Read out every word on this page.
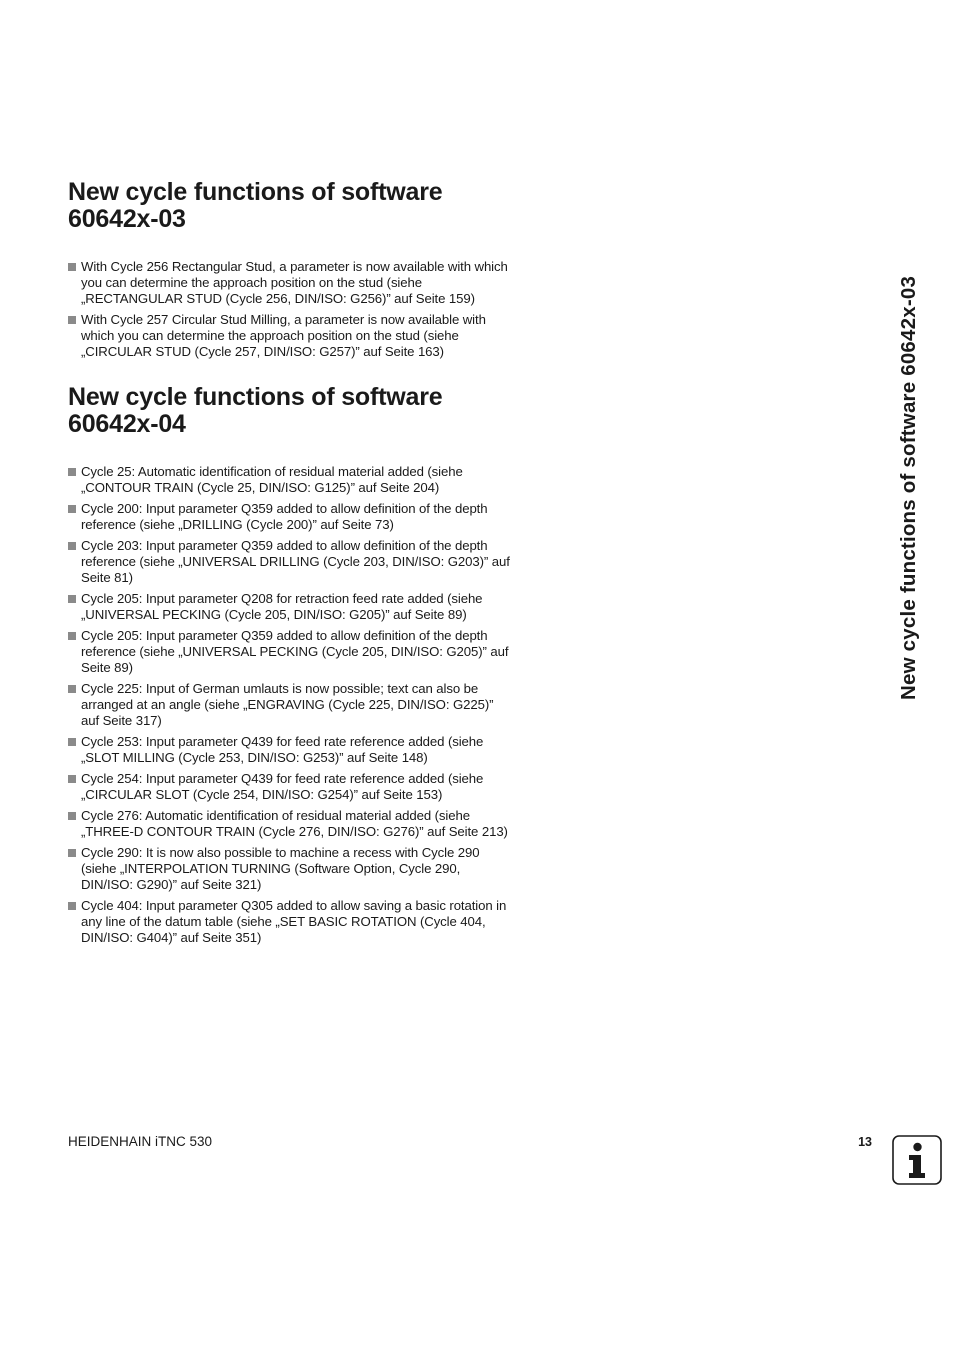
New cycle functions of software 60642x-03
With Cycle 256 Rectangular Stud, a parameter is now available with which you can determine the approach position on the stud (siehe „RECTANGULAR STUD (Cycle 256, DIN/ISO: G256)” auf Seite 159)
With Cycle 257 Circular Stud Milling, a parameter is now available with which you can determine the approach position on the stud (siehe „CIRCULAR STUD (Cycle 257, DIN/ISO: G257)” auf Seite 163)
New cycle functions of software 60642x-04
Cycle 25: Automatic identification of residual material added (siehe „CONTOUR TRAIN (Cycle 25, DIN/ISO: G125)” auf Seite 204)
Cycle 200: Input parameter Q359 added to allow definition of the depth reference (siehe „DRILLING (Cycle 200)” auf Seite 73)
Cycle 203: Input parameter Q359 added to allow definition of the depth reference (siehe „UNIVERSAL DRILLING (Cycle 203, DIN/ISO: G203)” auf Seite 81)
Cycle 205: Input parameter Q208 for retraction feed rate added (siehe „UNIVERSAL PECKING (Cycle 205, DIN/ISO: G205)” auf Seite 89)
Cycle 205: Input parameter Q359 added to allow definition of the depth reference (siehe „UNIVERSAL PECKING (Cycle 205, DIN/ISO: G205)” auf Seite 89)
Cycle 225: Input of German umlauts is now possible; text can also be arranged at an angle (siehe „ENGRAVING (Cycle 225, DIN/ISO: G225)” auf Seite 317)
Cycle 253: Input parameter Q439 for feed rate reference added (siehe „SLOT MILLING (Cycle 253, DIN/ISO: G253)” auf Seite 148)
Cycle 254: Input parameter Q439 for feed rate reference added (siehe „CIRCULAR SLOT (Cycle 254, DIN/ISO: G254)” auf Seite 153)
Cycle 276: Automatic identification of residual material added (siehe „THREE-D CONTOUR TRAIN (Cycle 276, DIN/ISO: G276)” auf Seite 213)
Cycle 290: It is now also possible to machine a recess with Cycle 290 (siehe „INTERPOLATION TURNING (Software Option, Cycle 290, DIN/ISO: G290)” auf Seite 321)
Cycle 404: Input parameter Q305 added to allow saving a basic rotation in any line of the datum table (siehe „SET BASIC ROTATION (Cycle 404, DIN/ISO: G404)” auf Seite 351)
New cycle functions of software 60642x-03
HEIDENHAIN iTNC 530	13
